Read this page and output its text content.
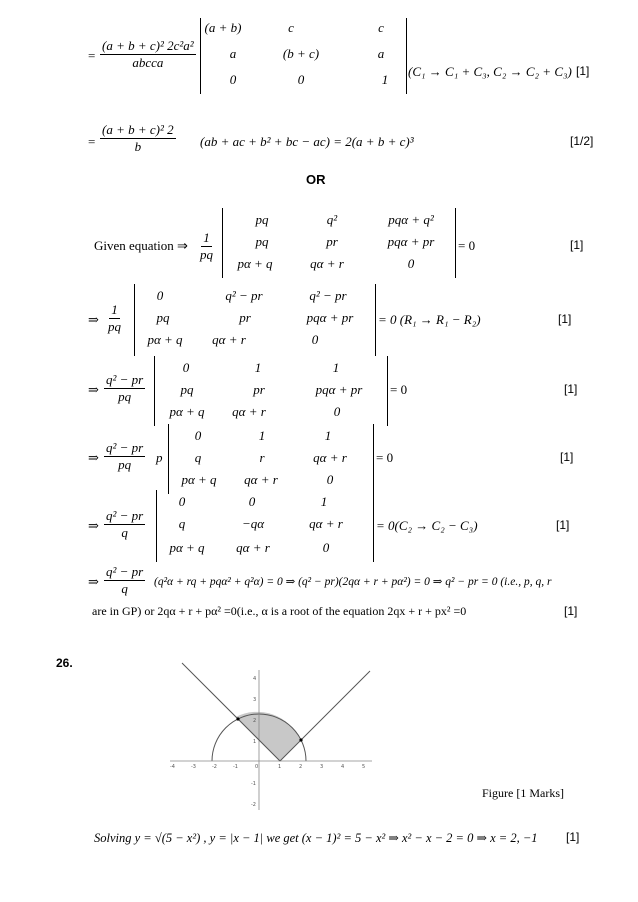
=
(a + b + c)² 2c²a²
abcca
(a + b)	c	c
a	(b + c)	a
0	0	1
(C₁ → C₁ + C₃, C₂ → C₂ + C₃) [1]
= $\frac{\text{(a + b + c)² 2}}{b} (ab$ + ac + b² + bc − ac) = 2(a + b + c)³	[1/2]
OR
Given equation ⇒ $\frac{1}{pq}$
pq	q²	pqα + q²
pq	pr	pqα + pr
pα + q	qα + r	0
= 0	[1]
⇒ $\frac{1}{pq}$
0	q² − pr	q² − pr
pq	pr	pqα + pr
pα + q	qα + r	0
= 0 (R₁ → R₁ − R₂)	[1]
⇒ $\frac{\text{q² − pr}}{pq}$
0	1	1
pq	pr	pqα + pr
pα + q	qα + r	0
= 0	[1]
⇒ $\frac{\text{q² − pr}}{pq}$ p
0	1	1
q	r	qα + r
pα + q	qα + r	0
= 0	[1]
⇒ $\frac{\text{q² − pr}}{q}$
0	0	1
q	−qα	qα + r
pα + q	qα + r	0
= 0(C₂ → C₂ − C₃)	[1]
⇒ $\frac{\text{q² − pr}}{q} (q^2\alpha$ + rq + pqα² + q²α) = 0 ⇒ (q² − pr)(2qα + r + pα²) = 0 ⇒ q² − pr = 0 (i.e., p, q, r
are in GP) or 2qα + r + pα² =0(i.e., α is a root of the equation 2qx + r + px² =0	[1]
26.
-4	-3	-2	-1	0	1	2	3	4	5
4
3
2
1
-1
-2
Figure [1 Marks]
Solving y = √(5 − x²) , y = |x − 1| we get (x − 1)² = 5 − x² ⇒ x² − x − 2 = 0 ⇒ x = 2, −1 [1]
